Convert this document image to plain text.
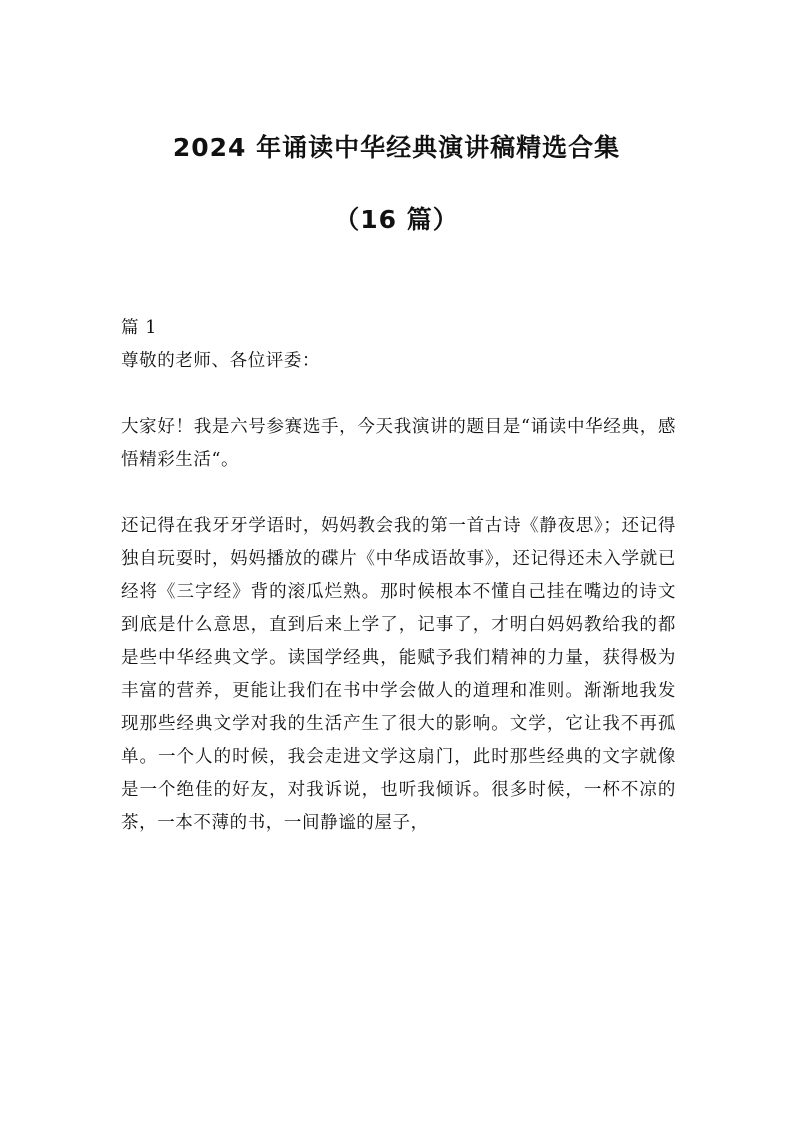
2024 年诵读中华经典演讲稿精选合集
（16 篇）

篇 1

尊敬的老师、各位评委：

大家好！我是六号参赛选手，今天我演讲的题目是“诵读中华经典，感悟精彩生活“。

还记得在我牙牙学语时，妈妈教会我的第一首古诗《静夜思》；还记得独自玩耍时，妈妈播放的碟片《中华成语故事》，还记得还未入学就已经将《三字经》背的滚瓜烂熟。那时候根本不懂自己挂在嘴边的诗文到底是什么意思，直到后来上学了，记事了，才明白妈妈教给我的都是些中华经典文学。读国学经典，能赋予我们精神的力量，获得极为丰富的营养，更能让我们在书中学会做人的道理和准则。渐渐地我发现那些经典文学对我的生活产生了很大的影响。文学，它让我不再孤单。一个人的时候，我会走进文学这扇门，此时那些经典的文字就像是一个绝佳的好友，对我诉说，也听我倾诉。很多时候，一杯不凉的茶，一本不薄的书，一间静谧的屋子，
